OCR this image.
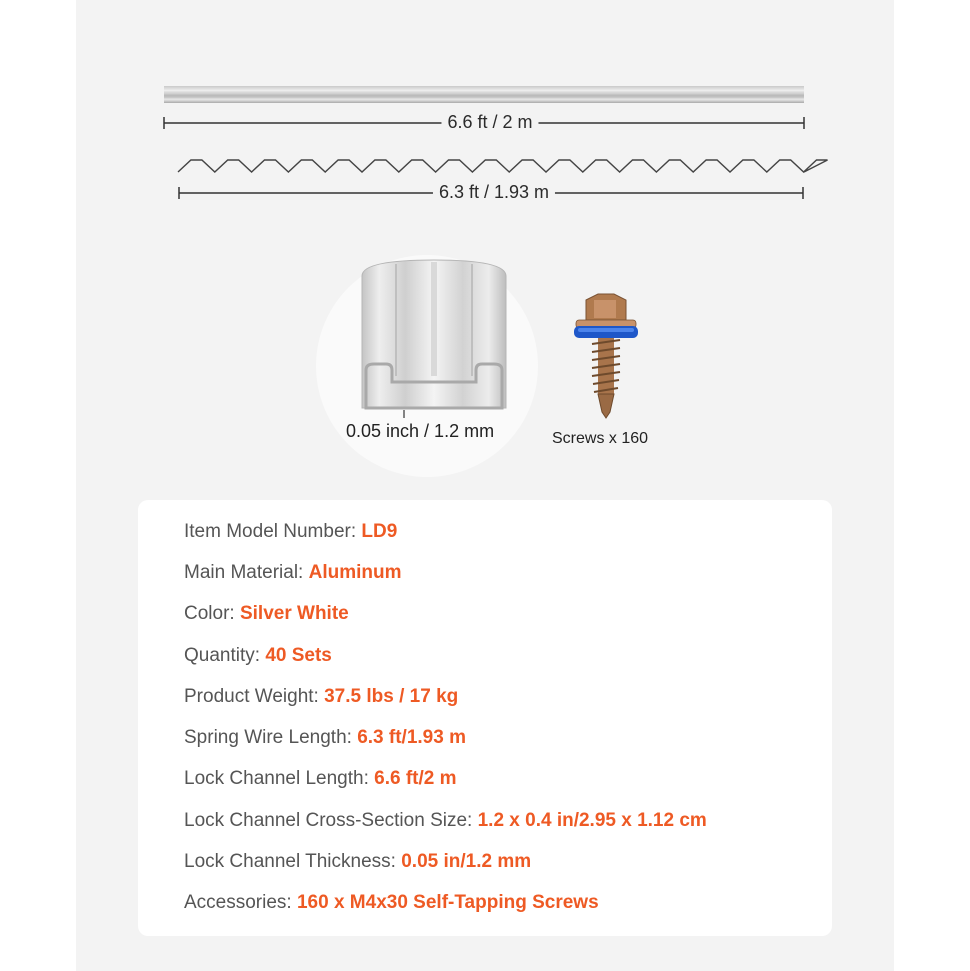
6.6 ft / 2 m
6.3 ft / 1.93 m
0.05 inch / 1.2 mm	Screws x 160
Item Model Number: LD9
Main Material: Aluminum
Color: Silver White
Quantity: 40 Sets
Product Weight: 37.5 lbs / 17 kg
Spring Wire Length: 6.3 ft/1.93 m
Lock Channel Length: 6.6 ft/2 m
Lock Channel Cross-Section Size: 1.2 x 0.4 in/2.95 x 1.12 cm
Lock Channel Thickness: 0.05 in/1.2 mm
Accessories: 160 x M4x30 Self-Tapping Screws
